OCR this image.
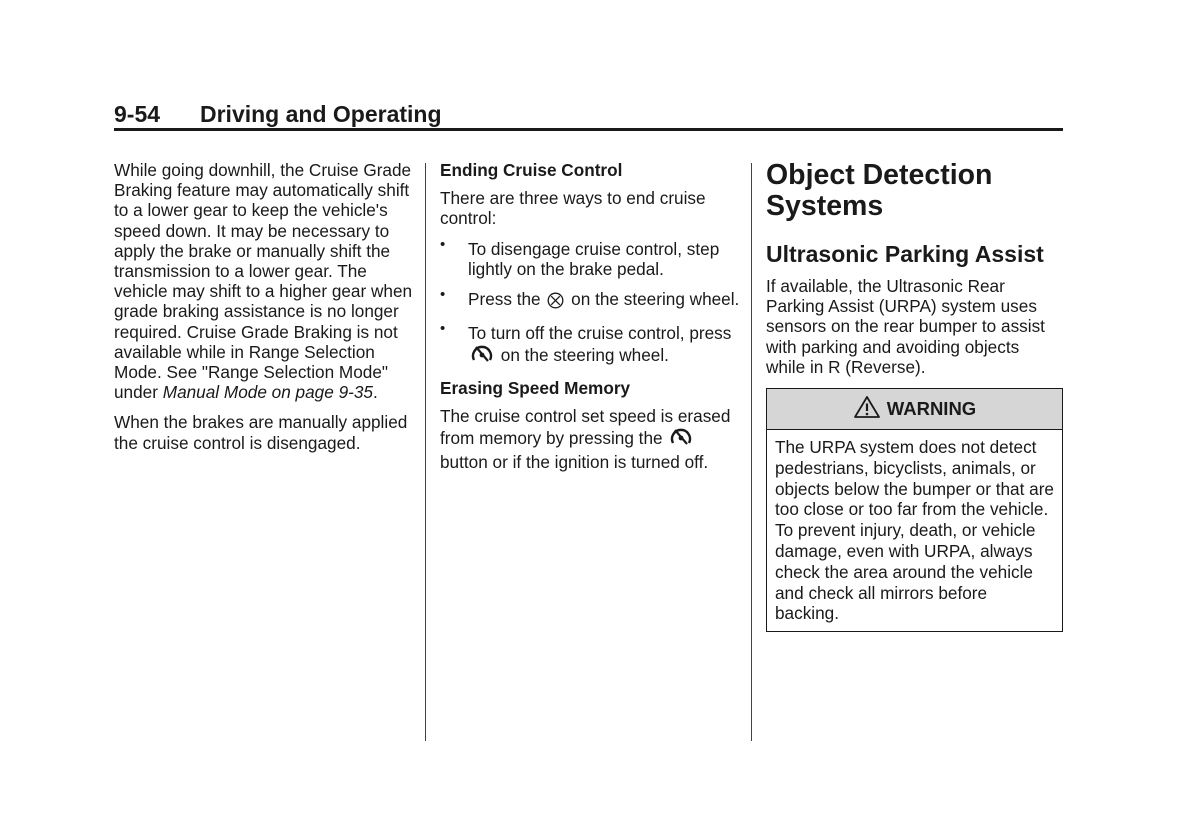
9-54 Driving and Operating

While going downhill, the Cruise Grade Braking feature may automatically shift to a lower gear to keep the vehicle's speed down. It may be necessary to apply the brake or manually shift the transmission to a lower gear. The vehicle may shift to a higher gear when grade braking assistance is no longer required. Cruise Grade Braking is not available while in Range Selection Mode. See "Range Selection Mode" under Manual Mode on page 9-35.

When the brakes are manually applied the cruise control is disengaged.

Ending Cruise Control

There are three ways to end cruise control:

• To disengage cruise control, step lightly on the brake pedal.
• Press the on the steering wheel.
• To turn off the cruise control, press  on the steering wheel.

Erasing Speed Memory

The cruise control set speed is erased from memory by pressing the  button or if the ignition is turned off.

Object Detection Systems
Ultrasonic Parking Assist

If available, the Ultrasonic Rear Parking Assist (URPA) system uses sensors on the rear bumper to assist with parking and avoiding objects while in R (Reverse).

WARNING
The URPA system does not detect pedestrians, bicyclists, animals, or objects below the bumper or that are too close or too far from the vehicle. To prevent injury, death, or vehicle damage, even with URPA, always check the area around the vehicle and check all mirrors before backing.
